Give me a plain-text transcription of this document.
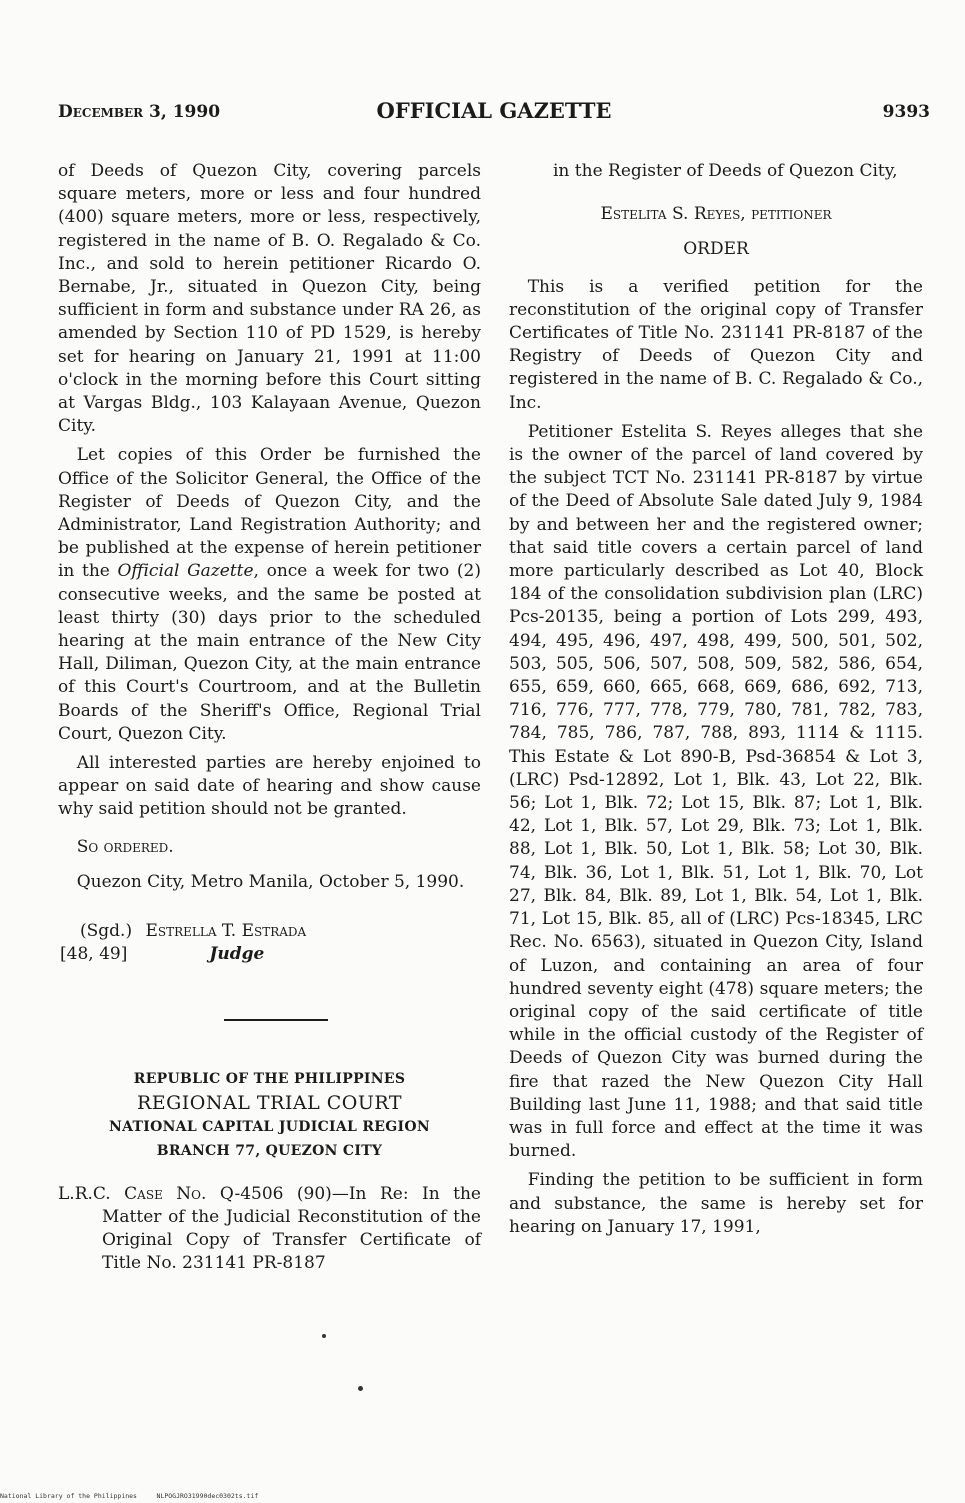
December 3, 1990	OFFICIAL GAZETTE	9393

of Deeds of Quezon City, covering parcels square meters, more or less and four hundred (400) square meters, more or less, respectively, registered in the name of B. O. Regalado & Co. Inc., and sold to herein petitioner Ricardo O. Bernabe, Jr., situated in Quezon City, being sufficient in form and substance under RA 26, as amended by Section 110 of PD 1529, is hereby set for hearing on January 21, 1991 at 11:00 o'clock in the morning before this Court sitting at Vargas Bldg., 103 Kalayaan Avenue, Quezon City.

Let copies of this Order be furnished the Office of the Solicitor General, the Office of the Register of Deeds of Quezon City, and the Administrator, Land Registration Authority; and be published at the expense of herein petitioner in the Official Gazette, once a week for two (2) consecutive weeks, and the same be posted at least thirty (30) days prior to the scheduled hearing at the main entrance of the New City Hall, Diliman, Quezon City, at the main entrance of this Court's Courtroom, and at the Bulletin Boards of the Sheriff's Office, Regional Trial Court, Quezon City.

All interested parties are hereby enjoined to appear on said date of hearing and show cause why said petition should not be granted.

So ordered.

Quezon City, Metro Manila, October 5, 1990.

(Sgd.) Estrella T. Estrada

[48, 49]	Judge

REPUBLIC OF THE PHILIPPINES

REGIONAL TRIAL COURT

NATIONAL CAPITAL JUDICIAL REGION

BRANCH 77, QUEZON CITY

L.R.C. Case No. Q-4506 (90)—In Re: In the Matter of the Judicial Reconstitution of the Original Copy of Transfer Certificate of Title No. 231141 PR-8187

in the Register of Deeds of Quezon City,

Estelita S. Reyes, petitioner

ORDER

This is a verified petition for the reconstitution of the original copy of Transfer Certificates of Title No. 231141 PR-8187 of the Registry of Deeds of Quezon City and registered in the name of B. C. Regalado & Co., Inc.

Petitioner Estelita S. Reyes alleges that she is the owner of the parcel of land covered by the subject TCT No. 231141 PR-8187 by virtue of the Deed of Absolute Sale dated July 9, 1984 by and between her and the registered owner; that said title covers a certain parcel of land more particularly described as Lot 40, Block 184 of the consolidation subdivision plan (LRC) Pcs-20135, being a portion of Lots 299, 493, 494, 495, 496, 497, 498, 499, 500, 501, 502, 503, 505, 506, 507, 508, 509, 582, 586, 654, 655, 659, 660, 665, 668, 669, 686, 692, 713, 716, 776, 777, 778, 779, 780, 781, 782, 783, 784, 785, 786, 787, 788, 893, 1114 & 1115. This Estate & Lot 890-B, Psd-36854 & Lot 3, (LRC) Psd-12892, Lot 1, Blk. 43, Lot 22, Blk. 56; Lot 1, Blk. 72; Lot 15, Blk. 87; Lot 1, Blk. 42, Lot 1, Blk. 57, Lot 29, Blk. 73; Lot 1, Blk. 88, Lot 1, Blk. 50, Lot 1, Blk. 58; Lot 30, Blk. 74, Blk. 36, Lot 1, Blk. 51, Lot 1, Blk. 70, Lot 27, Blk. 84, Blk. 89, Lot 1, Blk. 54, Lot 1, Blk. 71, Lot 15, Blk. 85, all of (LRC) Pcs-18345, LRC Rec. No. 6563), situated in Quezon City, Island of Luzon, and containing an area of four hundred seventy eight (478) square meters; the original copy of the said certificate of title while in the official custody of the Register of Deeds of Quezon City was burned during the fire that razed the New Quezon City Hall Building last June 11, 1988; and that said title was in full force and effect at the time it was burned.

Finding the petition to be sufficient in form and substance, the same is hereby set for hearing on January 17, 1991,

National Library of the Philippines     NLPOGJRO31990dec0302ts.tif
